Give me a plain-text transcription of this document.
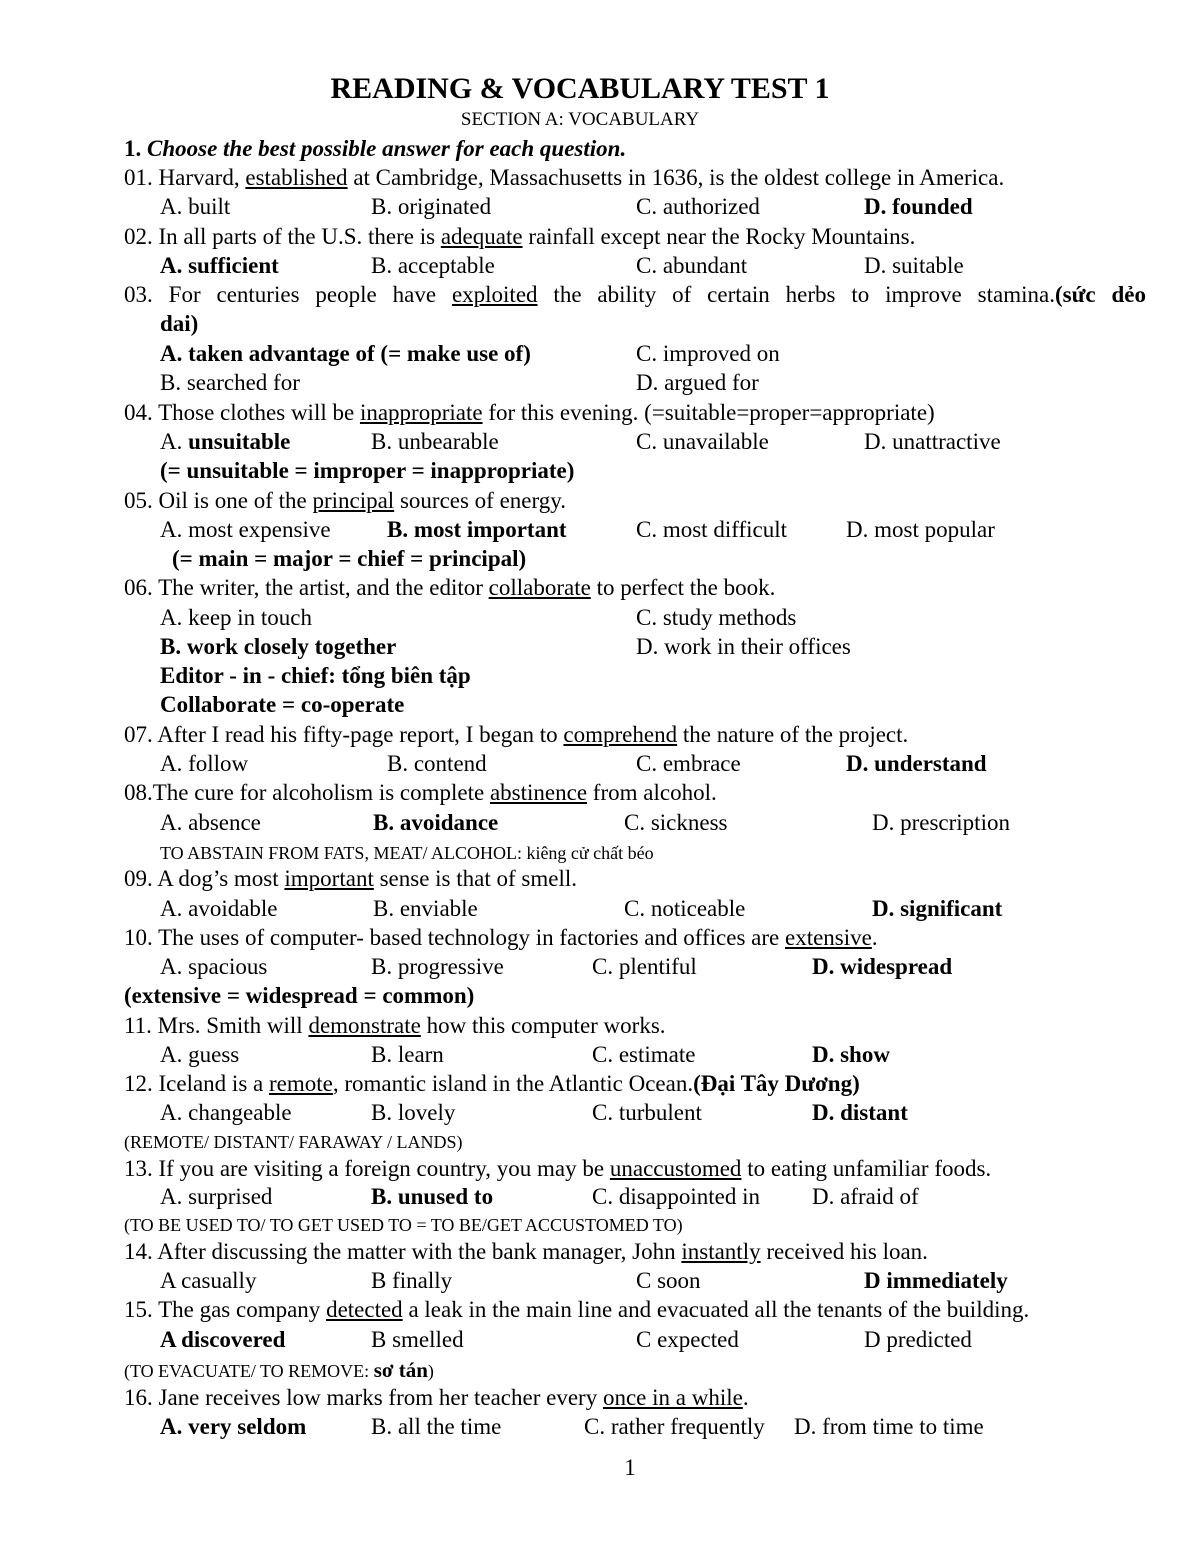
READING & VOCABULARY TEST 1
SECTION A: VOCABULARY
1. Choose the best possible answer for each question.
01. Harvard, established at Cambridge, Massachusetts in 1636, is the oldest college in America.
A. built	B. originated	C. authorized	D. founded
02. In all parts of the U.S. there is adequate rainfall except near the Rocky Mountains.
A. sufficient	B. acceptable	C. abundant	D. suitable
03. For centuries people have exploited the ability of certain herbs to improve stamina.(sức dẻo
dai)
A. taken advantage of (= make use of)	C. improved on
B. searched for	D. argued for
04. Those clothes will be inappropriate for this evening. (=suitable=proper=appropriate)
A. unsuitable	B. unbearable	C. unavailable	D. unattractive
(= unsuitable = improper = inappropriate)
05. Oil is one of the principal sources of energy.
A. most expensive B. most important	C. most difficult	D. most popular
(= main = major = chief = principal)
06. The writer, the artist, and the editor collaborate to perfect the book.
A. keep in touch	C. study methods
B. work closely together	D. work in their offices
Editor - in - chief: tổng biên tập
Collaborate = co-operate
07. After I read his fifty-page report, I began to comprehend the nature of the project.
A. follow	B. contend	C. embrace	D. understand
08.The cure for alcoholism is complete abstinence from alcohol.
A. absence	B. avoidance	C. sickness	D. prescription
TO ABSTAIN FROM FATS, MEAT/ ALCOHOL: kiêng cử chất béo
09. A dog’s most important sense is that of smell.
A. avoidable	B. enviable	C. noticeable	D. significant
10. The uses of computer- based technology in factories and offices are extensive.
A. spacious	B. progressive	C. plentiful	D. widespread
(extensive = widespread = common)
11. Mrs. Smith will demonstrate how this computer works.
A. guess	B. learn	C. estimate	D. show
12. Iceland is a remote, romantic island in the Atlantic Ocean.(Đại Tây Dương)
A. changeable	B. lovely	C. turbulent	D. distant
(REMOTE/ DISTANT/ FARAWAY / LANDS)
13. If you are visiting a foreign country, you may be unaccustomed to eating unfamiliar foods.
A. surprised	B. unused to	C. disappointed in D. afraid of
(TO BE USED TO/ TO GET USED TO = TO BE/GET ACCUSTOMED TO)
14. After discussing the matter with the bank manager, John instantly received his loan.
A casually	B finally	C soon	D immediately
15. The gas company detected a leak in the main line and evacuated all the tenants of the building.
A discovered	B smelled	C expected	D predicted
(TO EVACUATE/ TO REMOVE: sơ tán)
16. Jane receives low marks from her teacher every once in a while.
A. very seldom	B. all the time	C. rather frequently D. from time to time
1
